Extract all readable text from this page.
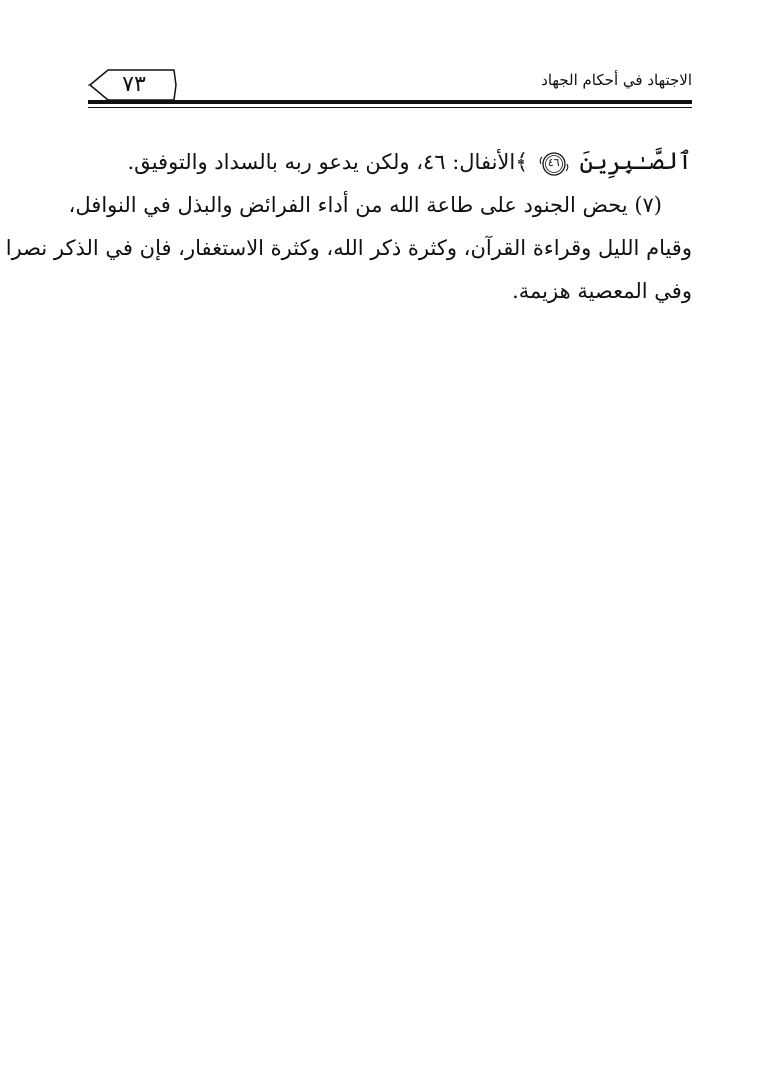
٧٣	الاجتهاد في أحكام الجهاد
ٱلصَّـٰبِرِينَ
٤٦
﴾الأنفال: ٤٦، ولكن يدعو ربه بالسداد والتوفيق.
(٧) يحض الجنود على طاعة الله من أداء الفرائض والبذل في النوافل،
وقيام الليل وقراءة القرآن، وكثرة ذكر الله، وكثرة الاستغفار، فإن في الذكر نصرا
وفي المعصية هزيمة.
